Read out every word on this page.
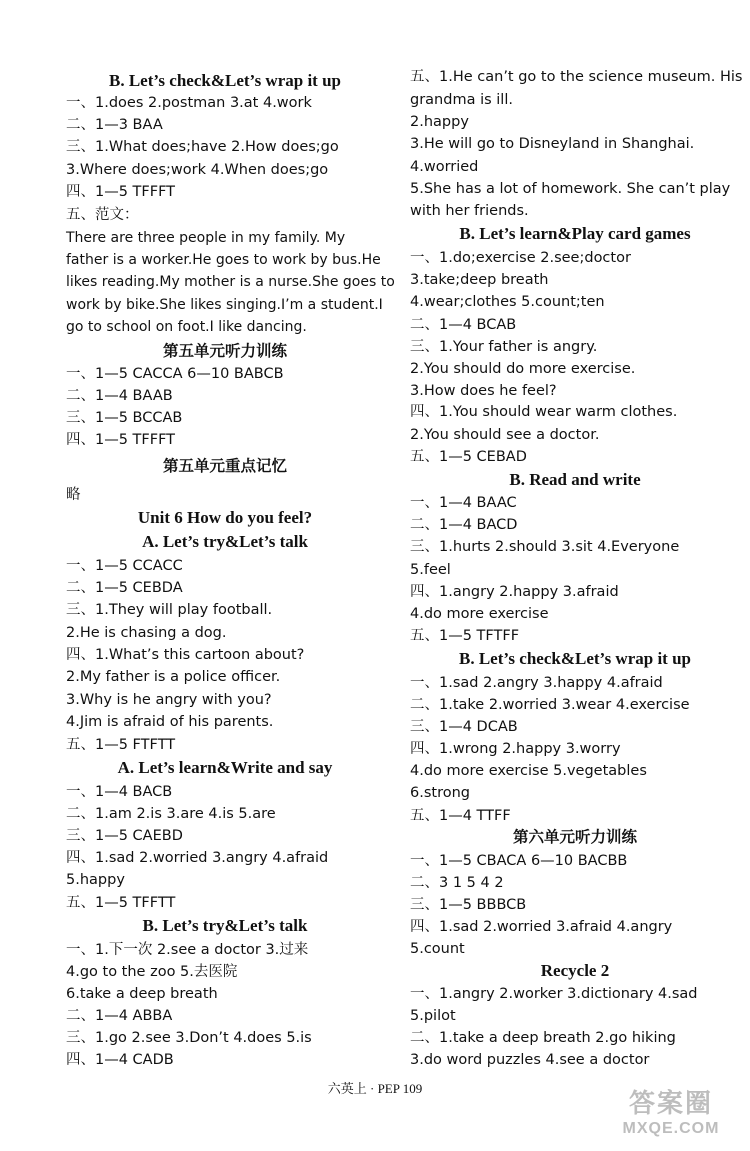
B. Let’s check&Let’s wrap it up
一、1.does 2.postman 3.at 4.work
二、1—3 BAA
三、1.What does;have 2.How does;go
3.Where does;work 4.When does;go
四、1—5 TFFFT
五、范文：
There are three people in my family. My
father is a worker.He goes to work by bus.He
likes reading.My mother is a nurse.She goes to
work by bike.She likes singing.I’m a student.I
go to school on foot.I like dancing.
第五单元听力训练
一、1—5 CACCA 6—10 BABCB
二、1—4 BAAB
三、1—5 BCCAB
四、1—5 TFFFT
第五单元重点记忆
略
Unit 6 How do you feel?
A. Let’s try&Let’s talk
一、1—5 CCACC
二、1—5 CEBDA
三、1.They will play football.
2.He is chasing a dog.
四、1.What’s this cartoon about?
2.My father is a police officer.
3.Why is he angry with you?
4.Jim is afraid of his parents.
五、1—5 FTFTT
A. Let’s learn&Write and say
一、1—4 BACB
二、1.am 2.is 3.are 4.is 5.are
三、1—5 CAEBD
四、1.sad 2.worried 3.angry 4.afraid
5.happy
五、1—5 TFFTT
B. Let’s try&Let’s talk
一、1.下一次 2.see a doctor 3.过来
4.go to the zoo 5.去医院
6.take a deep breath
二、1—4 ABBA
三、1.go 2.see 3.Don’t 4.does 5.is
四、1—4 CADB
五、1.He can’t go to the science museum. His
grandma is ill.
2.happy
3.He will go to Disneyland in Shanghai.
4.worried
5.She has a lot of homework. She can’t play
with her friends.
B. Let’s learn&Play card games
一、1.do;exercise 2.see;doctor
3.take;deep breath
4.wear;clothes 5.count;ten
二、1—4 BCAB
三、1.Your father is angry.
2.You should do more exercise.
3.How does he feel?
四、1.You should wear warm clothes.
2.You should see a doctor.
五、1—5 CEBAD
B. Read and write
一、1—4 BAAC
二、1—4 BACD
三、1.hurts 2.should 3.sit 4.Everyone
5.feel
四、1.angry 2.happy 3.afraid
4.do more exercise
五、1—5 TFTFF
B. Let’s check&Let’s wrap it up
一、1.sad 2.angry 3.happy 4.afraid
二、1.take 2.worried 3.wear 4.exercise
三、1—4 DCAB
四、1.wrong 2.happy 3.worry
4.do more exercise 5.vegetables
6.strong
五、1—4 TTFF
第六单元听力训练
一、1—5 CBACA 6—10 BACBB
二、3 1 5 4 2
三、1—5 BBBCB
四、1.sad 2.worried 3.afraid 4.angry
5.count
Recycle 2
一、1.angry 2.worker 3.dictionary 4.sad
5.pilot
二、1.take a deep breath 2.go hiking
3.do word puzzles 4.see a doctor
六英上 · PEP 109	答案圈
MXQE.COM
